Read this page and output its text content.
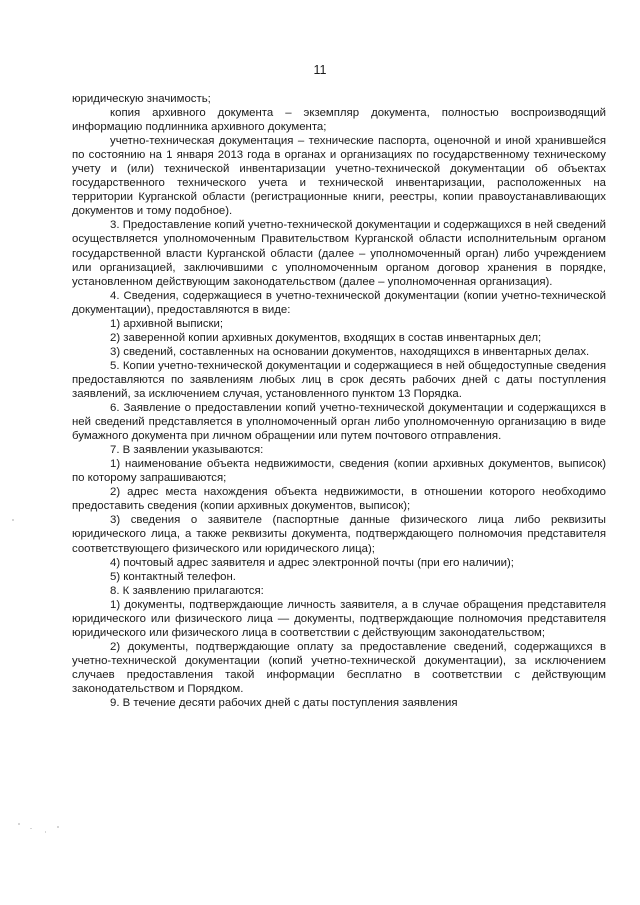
11

юридическую значимость;

копия архивного документа – экземпляр документа, полностью воспроизводящий информацию подлинника архивного документа;

учетно-техническая документация – технические паспорта, оценочной и иной хранившейся по состоянию на 1 января 2013 года в органах и организациях по государственному техническому учету и (или) технической инвентаризации учетно-технической документации об объектах государственного технического учета и технической инвентаризации, расположенных на территории Курганской области (регистрационные книги, реестры, копии правоустанавливающих документов и тому подобное).

3. Предоставление копий учетно-технической документации и содержащихся в ней сведений осуществляется уполномоченным Правительством Курганской области исполнительным органом государственной власти Курганской области (далее – уполномоченный орган) либо учреждением или организацией, заключившими с уполномоченным органом договор хранения в порядке, установленном действующим законодательством (далее – уполномоченная организация).

4. Сведения, содержащиеся в учетно-технической документации (копии учетно-технической документации), предоставляются в виде:

1) архивной выписки;

2) заверенной копии архивных документов, входящих в состав инвентарных дел;

3) сведений, составленных на основании документов, находящихся в инвентарных делах.

5. Копии учетно-технической документации и содержащиеся в ней общедоступные сведения предоставляются по заявлениям любых лиц в срок десять рабочих дней с даты поступления заявлений, за исключением случая, установленного пунктом 13 Порядка.

6. Заявление о предоставлении копий учетно-технической документации и содержащихся в ней сведений представляется в уполномоченный орган либо уполномоченную организацию в виде бумажного документа при личном обращении или путем почтового отправления.

7. В заявлении указываются:

1) наименование объекта недвижимости, сведения (копии архивных документов, выписок) по которому запрашиваются;

2) адрес места нахождения объекта недвижимости, в отношении которого необходимо предоставить сведения (копии архивных документов, выписок);

3) сведения о заявителе (паспортные данные физического лица либо реквизиты юридического лица, а также реквизиты документа, подтверждающего полномочия представителя соответствующего физического или юридического лица);

4) почтовый адрес заявителя и адрес электронной почты (при его наличии);

5) контактный телефон.

8. К заявлению прилагаются:

1) документы, подтверждающие личность заявителя, а в случае обращения представителя юридического или физического лица — документы, подтверждающие полномочия представителя юридического или физического лица в соответствии с действующим законодательством;

2) документы, подтверждающие оплату за предоставление сведений, содержащихся в учетно-технической документации (копий учетно-технической документации), за исключением случаев предоставления такой информации бесплатно в соответствии с действующим законодательством и Порядком.

9. В течение десяти рабочих дней с даты поступления заявления
